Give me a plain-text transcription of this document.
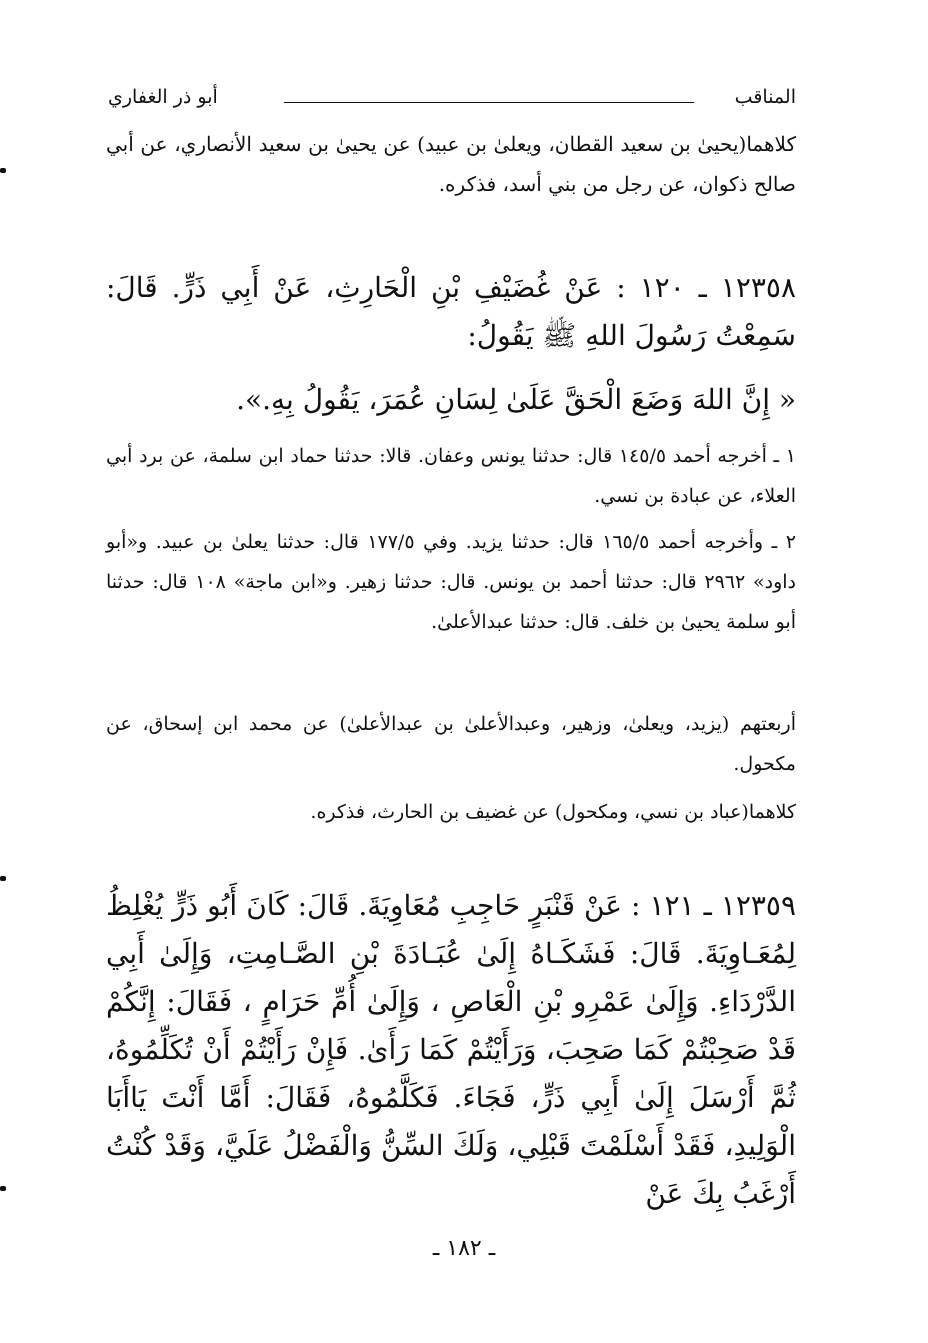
المناقب
أبو ذر الغفاري
كلاهما(يحيىٰ بن سعيد القطان، ويعلىٰ بن عبيد) عن يحيىٰ بن سعيد الأنصاري، عن أبي صالح ذكوان، عن رجل من بني أسد، فذكره.
١٢٣٥٨ ـ ١٢٠ : عَنْ غُضَيْفِ بْنِ الْحَارِثِ، عَنْ أَبِي ذَرٍّ. قَالَ: سَمِعْتُ رَسُولَ اللهِ ﷺ يَقُولُ:
« إِنَّ اللهَ وَضَعَ الْحَقَّ عَلَىٰ لِسَانِ عُمَرَ، يَقُولُ بِهِ.».
١ ـ أخرجه أحمد ١٤٥/٥ قال: حدثنا يونس وعفان. قالا: حدثنا حماد ابن سلمة، عن برد أبي العلاء، عن عبادة بن نسي.
٢ ـ وأخرجه أحمد ١٦٥/٥ قال: حدثنا يزيد. وفي ١٧٧/٥ قال: حدثنا يعلىٰ بن عبيد. و«أبو داود» ٢٩٦٢ قال: حدثنا أحمد بن يونس. قال: حدثنا زهير. و«ابن ماجة» ١٠٨ قال: حدثنا أبو سلمة يحيىٰ بن خلف. قال: حدثنا عبدالأعلىٰ.
أربعتهم (يزيد، ويعلىٰ، وزهير، وعبدالأعلىٰ بن عبدالأعلىٰ) عن محمد ابن إسحاق، عن مكحول.
كلاهما(عباد بن نسي، ومكحول) عن غضيف بن الحارث، فذكره.
١٢٣٥٩ ـ ١٢١ : عَنْ قَنْبَرٍ حَاجِبِ مُعَاوِيَةَ. قَالَ: كَانَ أَبُو ذَرٍّ يُغْلِظُ لِمُعَـاوِيَةَ. قَالَ: فَشَكَـاهُ إِلَىٰ عُبَـادَةَ بْنِ الصَّـامِتِ، وَإِلَىٰ أَبِي الدَّرْدَاءِ. وَإِلَىٰ عَمْرِو بْنِ الْعَاصِ ، وَإِلَىٰ أُمِّ حَرَامٍ ، فَقَالَ: إِنَّكُمْ قَدْ صَحِبْتُمْ كَمَا صَحِبَ، وَرَأَيْتُمْ كَمَا رَأَىٰ. فَإِنْ رَأَيْتُمْ أَنْ تُكَلِّمُوهُ، ثُمَّ أَرْسَلَ إِلَىٰ أَبِي ذَرٍّ، فَجَاءَ. فَكَلَّمُوهُ، فَقَالَ: أَمَّا أَنْتَ يَاأَبَا الْوَلِيدِ، فَقَدْ أَسْلَمْتَ قَبْلِي، وَلَكَ السِّنُّ وَالْفَضْلُ عَلَيَّ، وَقَدْ كُنْتُ أَرْغَبُ بِكَ عَنْ
ـ ١٨٢ ـ
